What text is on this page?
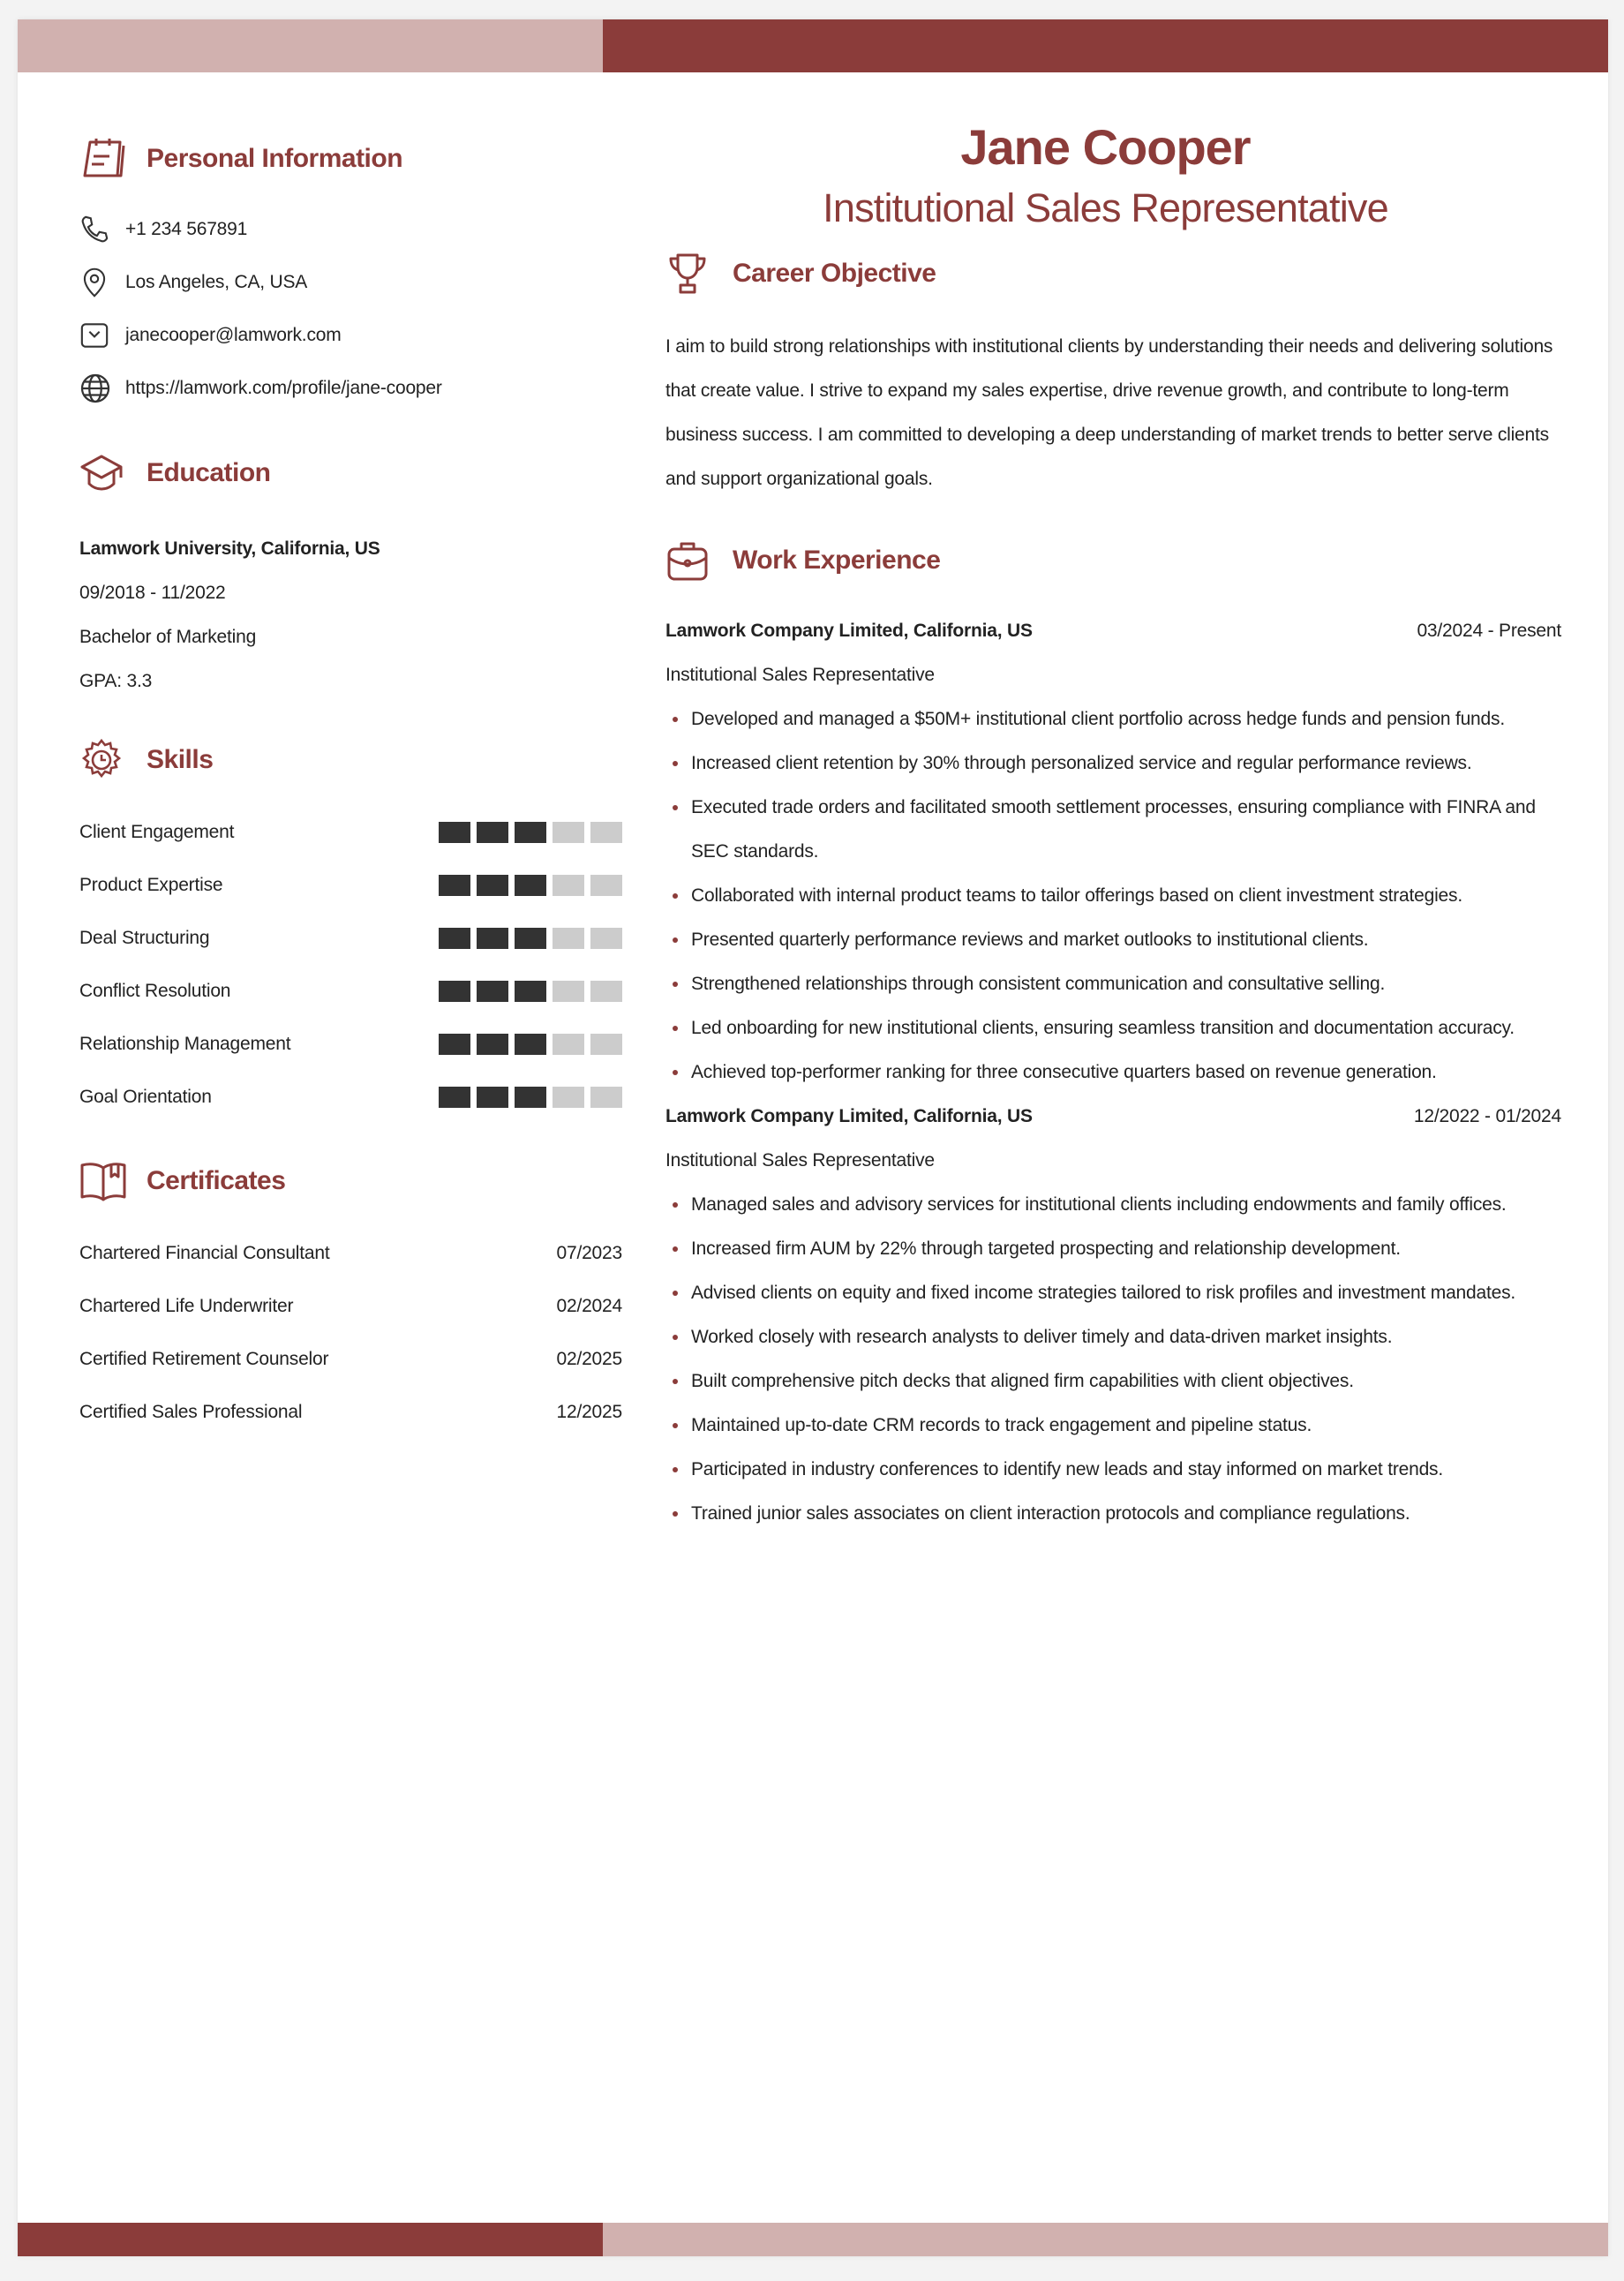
Personal Information
+1 234 567891
Los Angeles, CA, USA
janecooper@lamwork.com
https://lamwork.com/profile/jane-cooper
Education
Lamwork University, California, US
09/2018 - 11/2022
Bachelor of Marketing
GPA: 3.3
Skills
Client Engagement
Product Expertise
Deal Structuring
Conflict Resolution
Relationship Management
Goal Orientation
Certificates
Chartered Financial Consultant	07/2023
Chartered Life Underwriter	02/2024
Certified Retirement Counselor	02/2025
Certified Sales Professional	12/2025
Jane Cooper
Institutional Sales Representative
Career Objective

I aim to build strong relationships with institutional clients by understanding their needs and delivering solutions that create value. I strive to expand my sales expertise, drive revenue growth, and contribute to long-term business success. I am committed to developing a deep understanding of market trends to better serve clients and support organizational goals.

Work Experience
Lamwork Company Limited, California, US	03/2024 - Present
Institutional Sales Representative
Developed and managed a $50M+ institutional client portfolio across hedge funds and pension funds.
Increased client retention by 30% through personalized service and regular performance reviews.
Executed trade orders and facilitated smooth settlement processes, ensuring compliance with FINRA and SEC standards.
Collaborated with internal product teams to tailor offerings based on client investment strategies.
Presented quarterly performance reviews and market outlooks to institutional clients.
Strengthened relationships through consistent communication and consultative selling.
Led onboarding for new institutional clients, ensuring seamless transition and documentation accuracy.
Achieved top-performer ranking for three consecutive quarters based on revenue generation.
Lamwork Company Limited, California, US	12/2022 - 01/2024
Institutional Sales Representative
Managed sales and advisory services for institutional clients including endowments and family offices.
Increased firm AUM by 22% through targeted prospecting and relationship development.
Advised clients on equity and fixed income strategies tailored to risk profiles and investment mandates.
Worked closely with research analysts to deliver timely and data-driven market insights.
Built comprehensive pitch decks that aligned firm capabilities with client objectives.
Maintained up-to-date CRM records to track engagement and pipeline status.
Participated in industry conferences to identify new leads and stay informed on market trends.
Trained junior sales associates on client interaction protocols and compliance regulations.
